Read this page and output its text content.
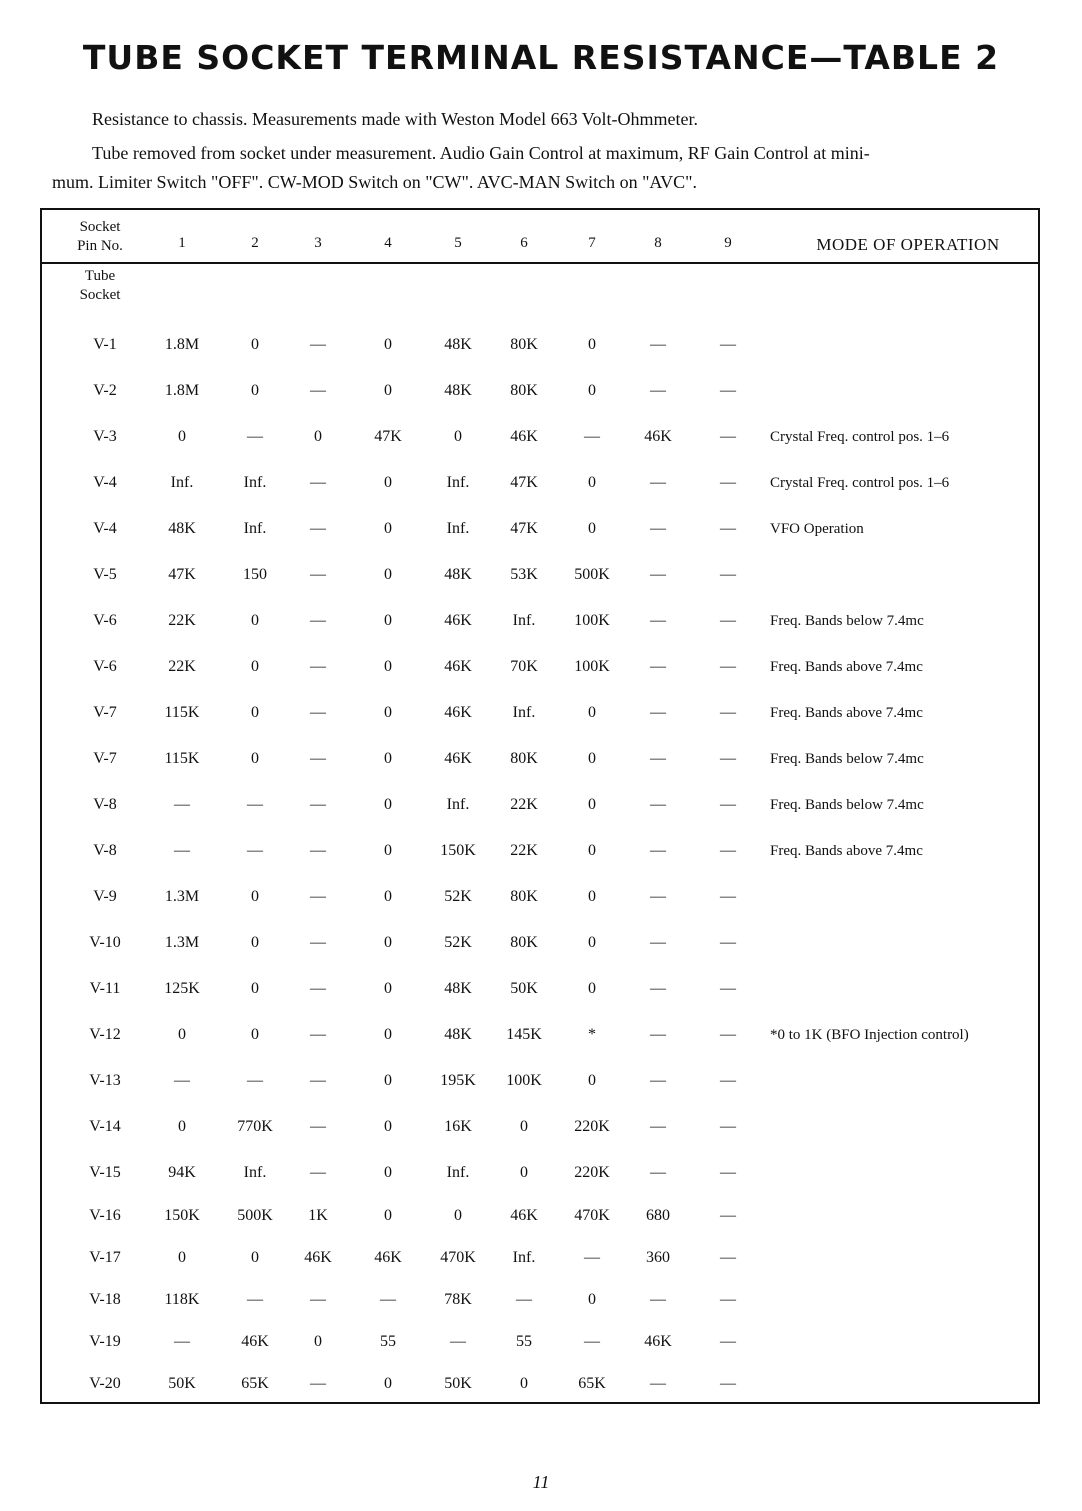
TUBE SOCKET TERMINAL RESISTANCE—TABLE 2
Resistance to chassis. Measurements made with Weston Model 663 Volt-Ohmmeter.
Tube removed from socket under measurement. Audio Gain Control at maximum, RF Gain Control at mini-
mum. Limiter Switch "OFF". CW-MOD Switch on "CW". AVC-MAN Switch on "AVC".
Socket
Pin No.	1	2	3	4	5	6	7	8	9	MODE OF OPERATION
Tube
Socket
V-1	1.8M	0	—	0	48K	80K	0	—	—
V-2	1.8M	0	—	0	48K	80K	0	—	—
V-3	0	—	0	47K	0	46K	—	46K	—	Crystal Freq. control pos. 1–6
V-4	Inf.	Inf.	—	0	Inf.	47K	0	—	—	Crystal Freq. control pos. 1–6
V-4	48K	Inf.	—	0	Inf.	47K	0	—	—	VFO Operation
V-5	47K	150	—	0	48K	53K	500K	—	—
V-6	22K	0	—	0	46K	Inf.	100K	—	—	Freq. Bands below 7.4mc
V-6	22K	0	—	0	46K	70K	100K	—	—	Freq. Bands above 7.4mc
V-7	115K	0	—	0	46K	Inf.	0	—	—	Freq. Bands above 7.4mc
V-7	115K	0	—	0	46K	80K	0	—	—	Freq. Bands below 7.4mc
V-8	—	—	—	0	Inf.	22K	0	—	—	Freq. Bands below 7.4mc
V-8	—	—	—	0	150K	22K	0	—	—	Freq. Bands above 7.4mc
V-9	1.3M	0	—	0	52K	80K	0	—	—
V-10	1.3M	0	—	0	52K	80K	0	—	—
V-11	125K	0	—	0	48K	50K	0	—	—
V-12	0	0	—	0	48K	145K	*	—	—	*0 to 1K (BFO Injection control)
V-13	—	—	—	0	195K	100K	0	—	—
V-14	0	770K	—	0	16K	0	220K	—	—
V-15	94K	Inf.	—	0	Inf.	0	220K	—	—
V-16	150K	500K	1K	0	0	46K	470K	680	—
V-17	0	0	46K	46K	470K	Inf.	—	360	—
V-18	118K	—	—	—	78K	—	0	—	—
V-19	—	46K	0	55	—	55	—	46K	—
V-20	50K	65K	—	0	50K	0	65K	—	—
11
